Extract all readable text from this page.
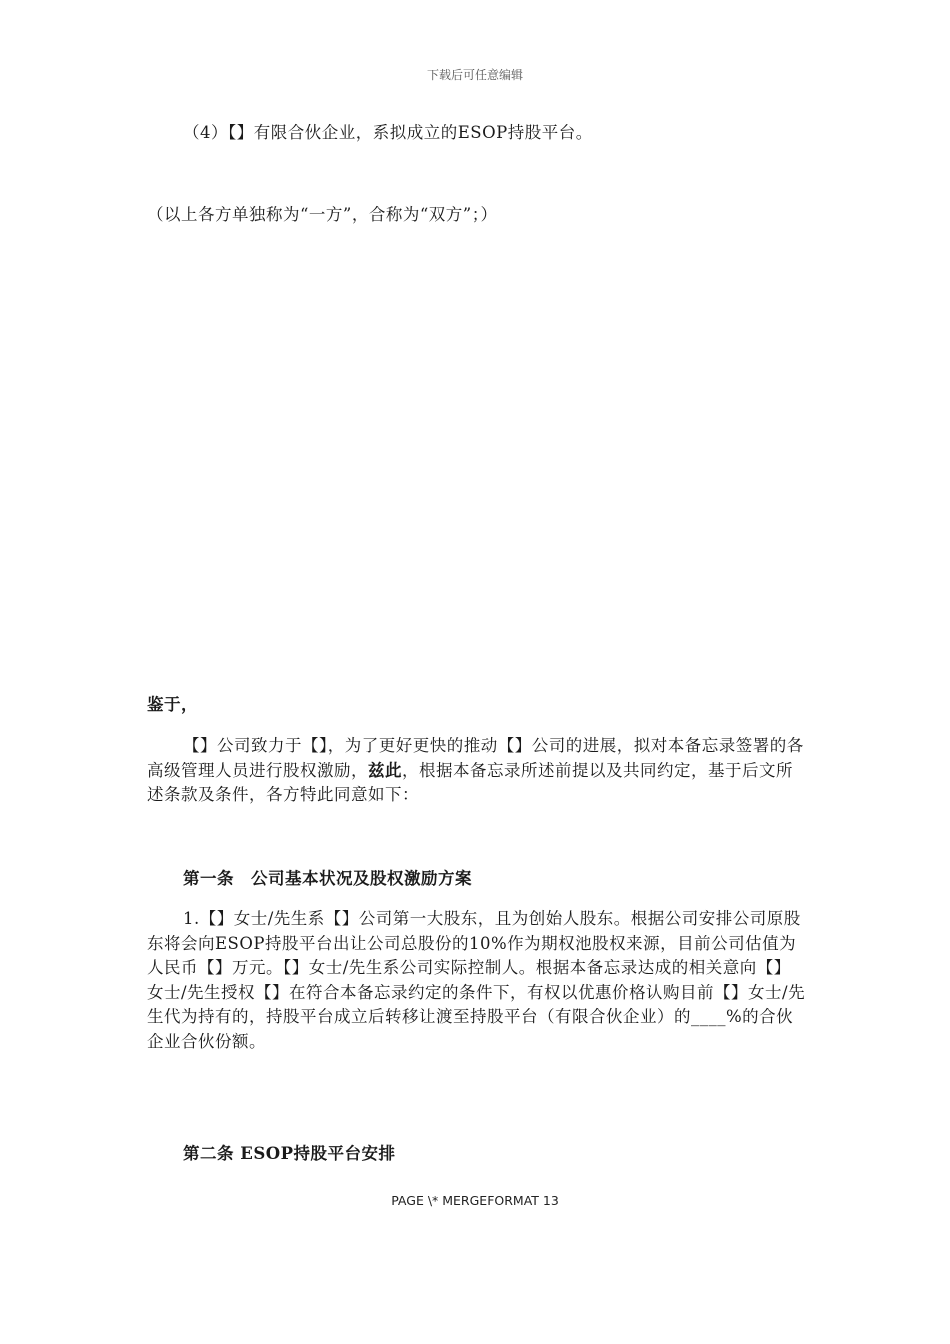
下载后可任意编辑

（4）【】有限合伙企业，系拟成立的ESOP持股平台。

（以上各方单独称为“一方”，合称为“双方”；）

鉴于，

【】公司致力于【】，为了更好更快的推动【】公司的进展，拟对本备忘录签署的各高级管理人员进行股权激励，兹此，根据本备忘录所述前提以及共同约定，基于后文所述条款及条件，各方特此同意如下：

第一条　公司基本状况及股权激励方案

1.【】女士/先生系【】公司第一大股东，且为创始人股东。根据公司安排公司原股东将会向ESOP持股平台出让公司总股份的10%作为期权池股权来源，目前公司估值为人民币【】万元。【】女士/先生系公司实际控制人。根据本备忘录达成的相关意向【】女士/先生授权【】在符合本备忘录约定的条件下，有权以优惠价格认购目前【】女士/先生代为持有的，持股平台成立后转移让渡至持股平台（有限合伙企业）的____%的合伙企业合伙份额。

第二条 ESOP持股平台安排

PAGE \* MERGEFORMAT 13
